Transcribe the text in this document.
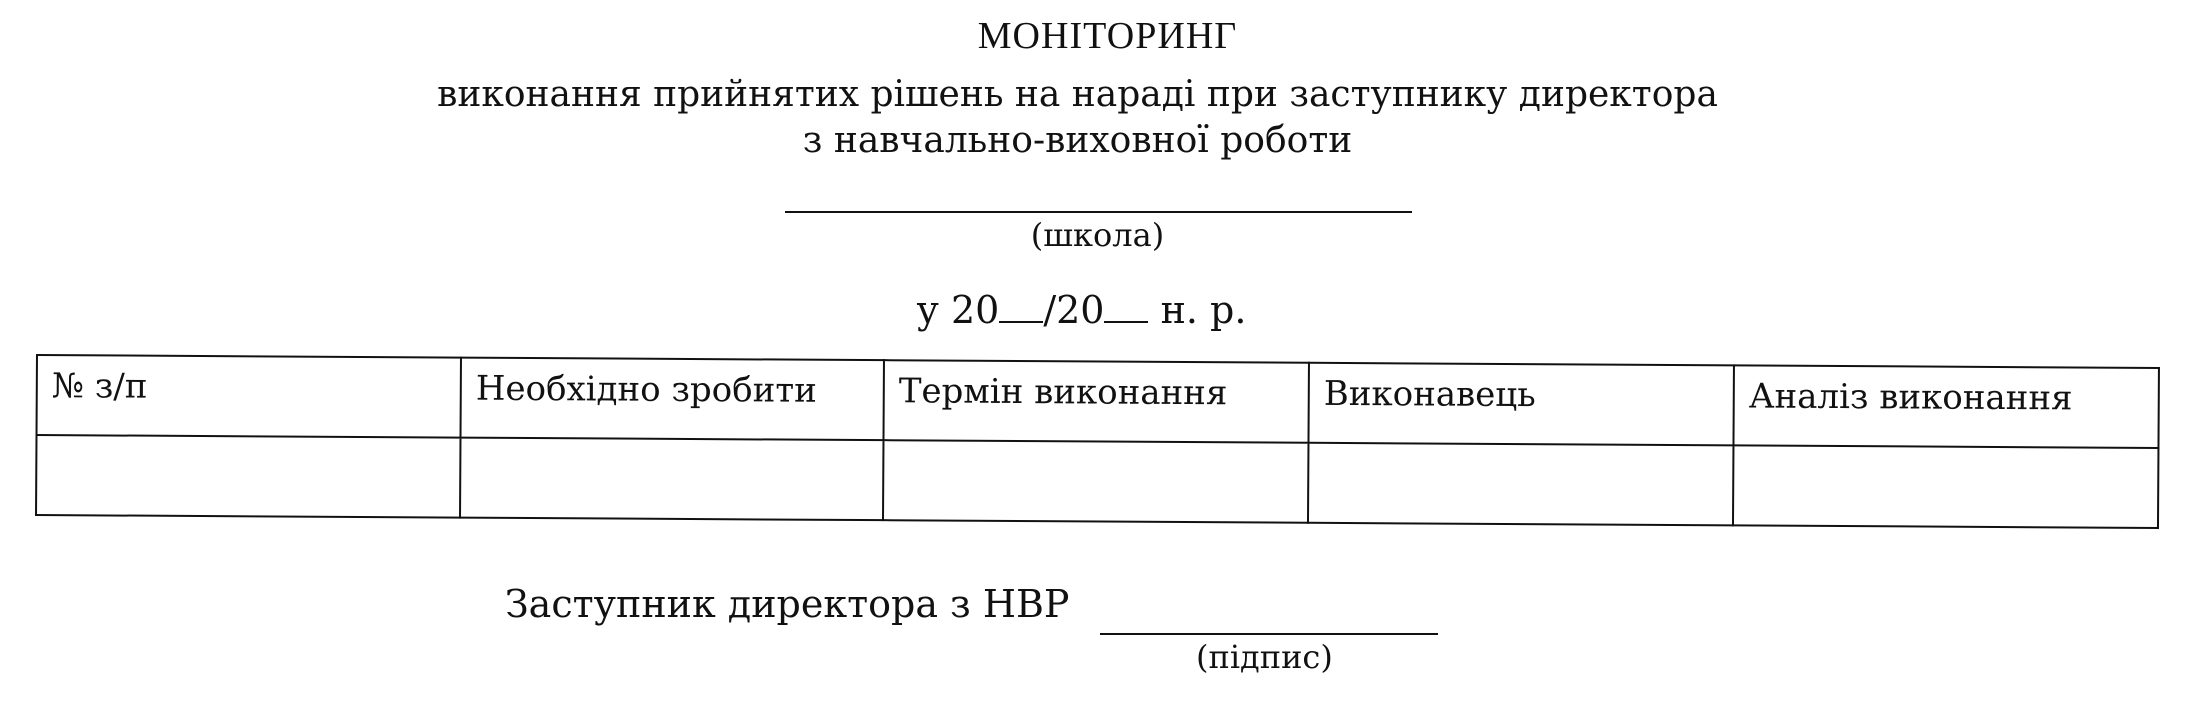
МОНІТОРИНГ
виконання прийнятих рішень на нараді при заступнику директора
з навчально-виховної роботи
(школа)
у 20 /20 н. р.
№ з/п	Необхідно зробити	Термін виконання	Виконавець	Аналіз виконання

Заступник директора з НВР
(підпис)
